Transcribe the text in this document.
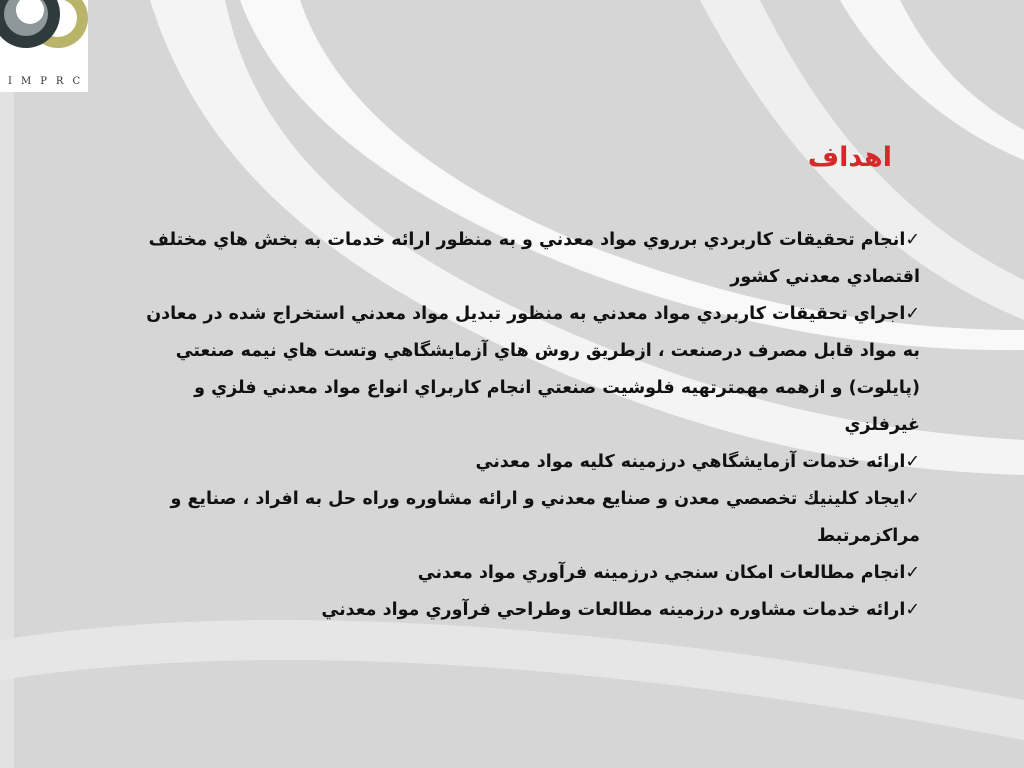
IMPRC
اهداف

✓انجام تحقيقات كاربردي برروي مواد معدني و به منظور ارائه خدمات به بخش هاي مختلف اقتصادي معدني كشور

✓اجراي تحقيقات كاربردي مواد معدني به منظور تبديل مواد معدني استخراج شده در معادن به مواد قابل مصرف درصنعت ، ازطريق روش هاي آزمايشگاهي وتست هاي نيمه صنعتي (پايلوت) و ازهمه مهمترتهيه فلوشيت صنعتي انجام كاربراي انواع مواد معدني فلزي و غيرفلزي

✓ارائه خدمات آزمايشگاهي درزمينه كليه مواد معدني

✓ايجاد كلينيك تخصصي معدن و صنايع معدني و ارائه مشاوره وراه حل به افراد ، صنايع و مراكزمرتبط

✓انجام مطالعات امكان سنجي درزمينه فرآوري مواد معدني

✓ارائه خدمات مشاوره درزمينه مطالعات وطراحي فرآوري مواد معدني
